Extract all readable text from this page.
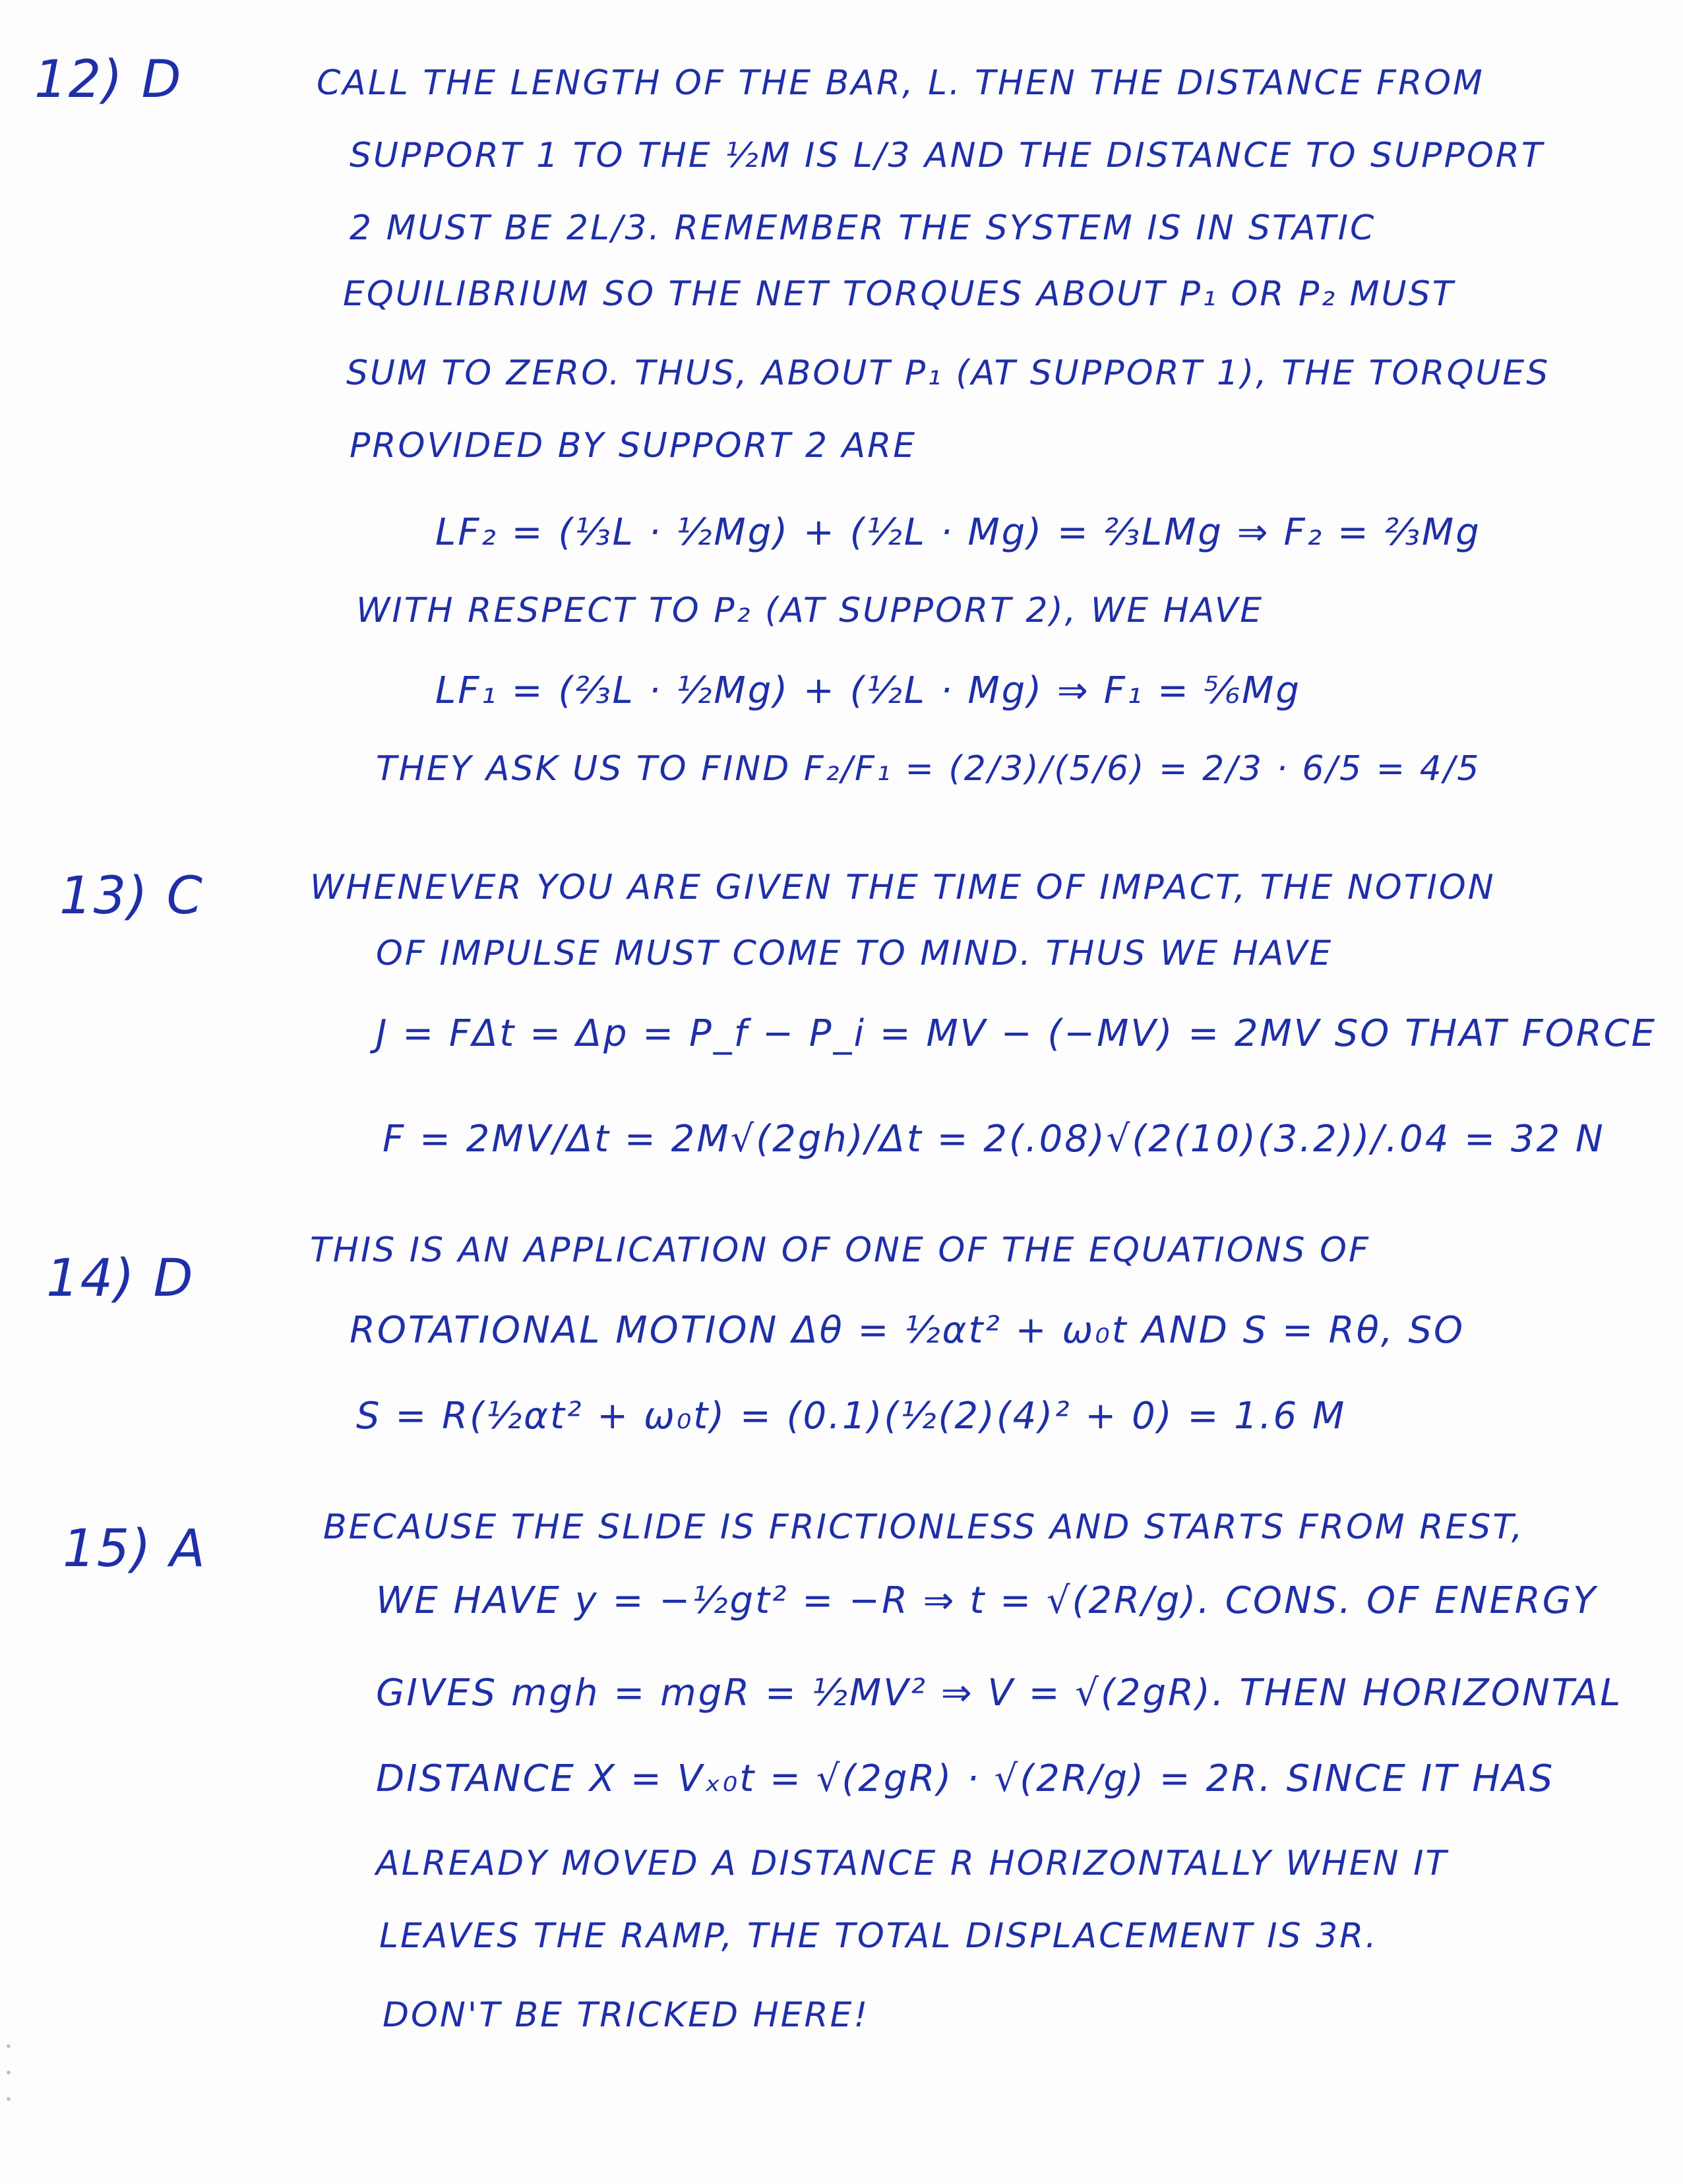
12) D	CALL THE LENGTH OF THE BAR, L. THEN THE DISTANCE FROM
SUPPORT 1 TO THE ½M IS L/3 AND THE DISTANCE TO SUPPORT
2 MUST BE 2L/3. REMEMBER THE SYSTEM IS IN STATIC
EQUILIBRIUM SO THE NET TORQUES ABOUT P₁ OR P₂ MUST
SUM TO ZERO. THUS, ABOUT P₁ (AT SUPPORT 1), THE TORQUES
PROVIDED BY SUPPORT 2 ARE
LF₂ = (⅓L · ½Mg) + (½L · Mg) = ⅔LMg ⇒ F₂ = ⅔Mg
WITH RESPECT TO P₂ (AT SUPPORT 2), WE HAVE
LF₁ = (⅔L · ½Mg) + (½L · Mg) ⇒ F₁ = ⅚Mg
THEY ASK US TO FIND F₂/F₁ = (2/3)/(5/6) = 2/3 · 6/5 = 4/5
13) C	WHENEVER YOU ARE GIVEN THE TIME OF IMPACT, THE NOTION
OF IMPULSE MUST COME TO MIND. THUS WE HAVE
J = FΔt = Δp = P_f − P_i = MV − (−MV) = 2MV SO THAT FORCE
F = 2MV/Δt = 2M√(2gh)/Δt = 2(.08)√(2(10)(3.2))/.04 = 32 N
14) D	THIS IS AN APPLICATION OF ONE OF THE EQUATIONS OF
ROTATIONAL MOTION Δθ = ½αt² + ω₀t AND S = Rθ, SO
S = R(½αt² + ω₀t) = (0.1)(½(2)(4)² + 0) = 1.6 M
15) A	BECAUSE THE SLIDE IS FRICTIONLESS AND STARTS FROM REST,
WE HAVE y = −½gt² = −R ⇒ t = √(2R/g). CONS. OF ENERGY
GIVES mgh = mgR = ½MV² ⇒ V = √(2gR). THEN HORIZONTAL
DISTANCE X = Vₓ₀t = √(2gR) · √(2R/g) = 2R. SINCE IT HAS
ALREADY MOVED A DISTANCE R HORIZONTALLY WHEN IT
LEAVES THE RAMP, THE TOTAL DISPLACEMENT IS 3R.
DON'T BE TRICKED HERE!
